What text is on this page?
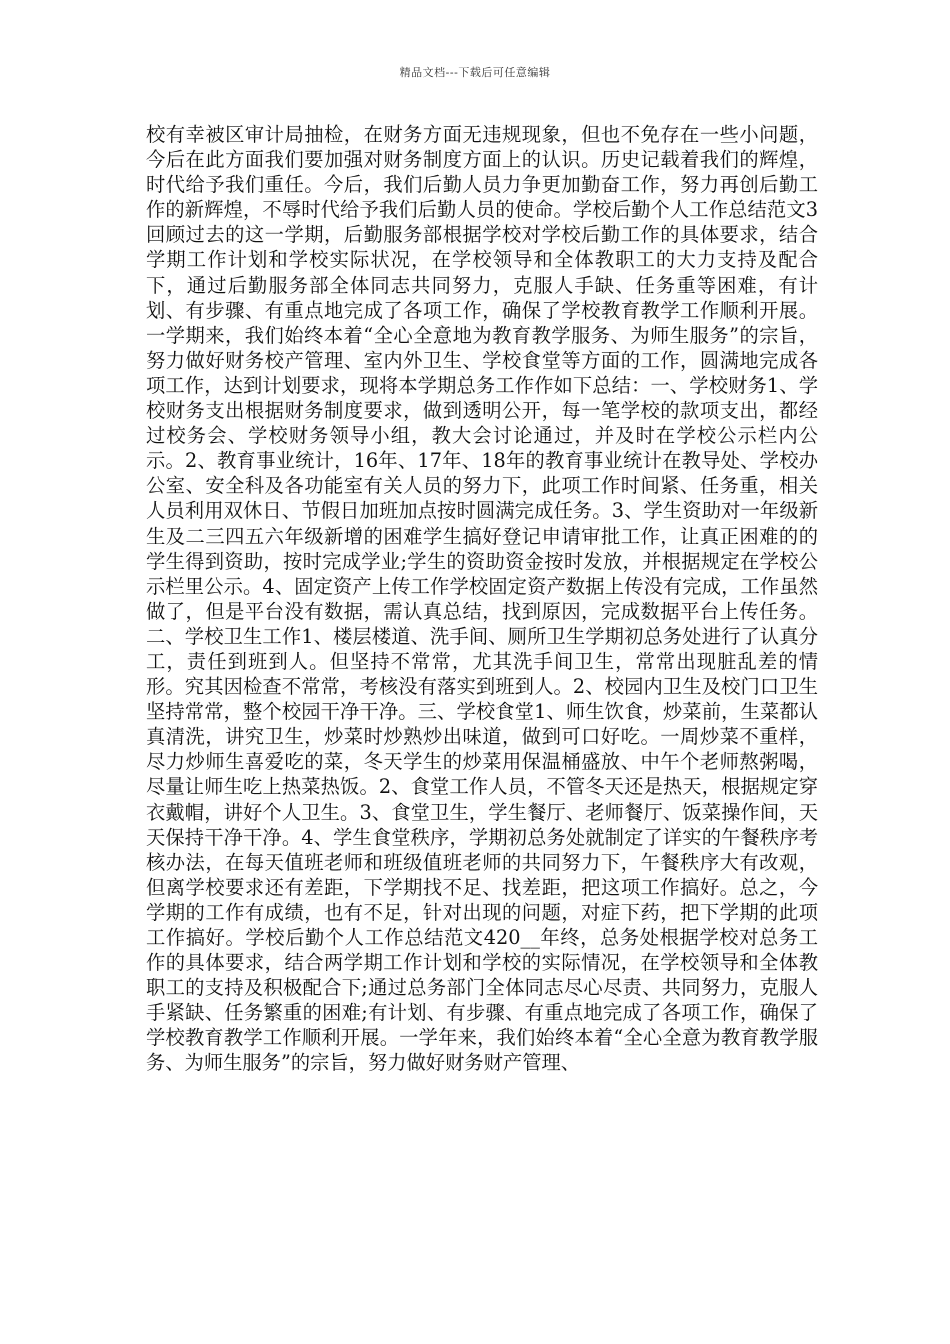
精品文档---下载后可任意编辑

校有幸被区审计局抽检，在财务方面无违规现象，但也不免存在一些小问题，今后在此方面我们要加强对财务制度方面上的认识。历史记载着我们的辉煌，时代给予我们重任。今后，我们后勤人员力争更加勤奋工作，努力再创后勤工作的新辉煌，不辱时代给予我们后勤人员的使命。学校后勤个人工作总结范文3回顾过去的这一学期，后勤服务部根据学校对学校后勤工作的具体要求，结合学期工作计划和学校实际状况，在学校领导和全体教职工的大力支持及配合下，通过后勤服务部全体同志共同努力，克服人手缺、任务重等困难，有计划、有步骤、有重点地完成了各项工作，确保了学校教育教学工作顺利开展。一学期来，我们始终本着“全心全意地为教育教学服务、为师生服务”的宗旨，努力做好财务校产管理、室内外卫生、学校食堂等方面的工作，圆满地完成各项工作，达到计划要求，现将本学期总务工作作如下总结：一、学校财务1、学校财务支出根据财务制度要求，做到透明公开，每一笔学校的款项支出，都经过校务会、学校财务领导小组，教大会讨论通过，并及时在学校公示栏内公示。2、教育事业统计，16年、17年、18年的教育事业统计在教导处、学校办公室、安全科及各功能室有关人员的努力下，此项工作时间紧、任务重，相关人员利用双休日、节假日加班加点按时圆满完成任务。3、学生资助对一年级新生及二三四五六年级新增的困难学生搞好登记申请审批工作，让真正困难的的学生得到资助，按时完成学业;学生的资助资金按时发放，并根据规定在学校公示栏里公示。4、固定资产上传工作学校固定资产数据上传没有完成，工作虽然做了，但是平台没有数据，需认真总结，找到原因，完成数据平台上传任务。二、学校卫生工作1、楼层楼道、洗手间、厕所卫生学期初总务处进行了认真分工，责任到班到人。但坚持不常常，尤其洗手间卫生，常常出现脏乱差的情形。究其因检查不常常，考核没有落实到班到人。2、校园内卫生及校门口卫生坚持常常，整个校园干净干净。三、学校食堂1、师生饮食，炒菜前，生菜都认真清洗，讲究卫生，炒菜时炒熟炒出味道，做到可口好吃。一周炒菜不重样，尽力炒师生喜爱吃的菜，冬天学生的炒菜用保温桶盛放、中午个老师熬粥喝，尽量让师生吃上热菜热饭。2、食堂工作人员，不管冬天还是热天，根据规定穿衣戴帽，讲好个人卫生。3、食堂卫生，学生餐厅、老师餐厅、饭菜操作间，天天保持干净干净。4、学生食堂秩序，学期初总务处就制定了详实的午餐秩序考核办法，在每天值班老师和班级值班老师的共同努力下，午餐秩序大有改观，但离学校要求还有差距，下学期找不足、找差距，把这项工作搞好。总之，今学期的工作有成绩，也有不足，针对出现的问题，对症下药，把下学期的此项工作搞好。学校后勤个人工作总结范文420__年终，总务处根据学校对总务工作的具体要求，结合两学期工作计划和学校的实际情况，在学校领导和全体教职工的支持及积极配合下;通过总务部门全体同志尽心尽责、共同努力，克服人手紧缺、任务繁重的困难;有计划、有步骤、有重点地完成了各项工作，确保了学校教育教学工作顺利开展。一学年来，我们始终本着“全心全意为教育教学服务、为师生服务”的宗旨，努力做好财务财产管理、
